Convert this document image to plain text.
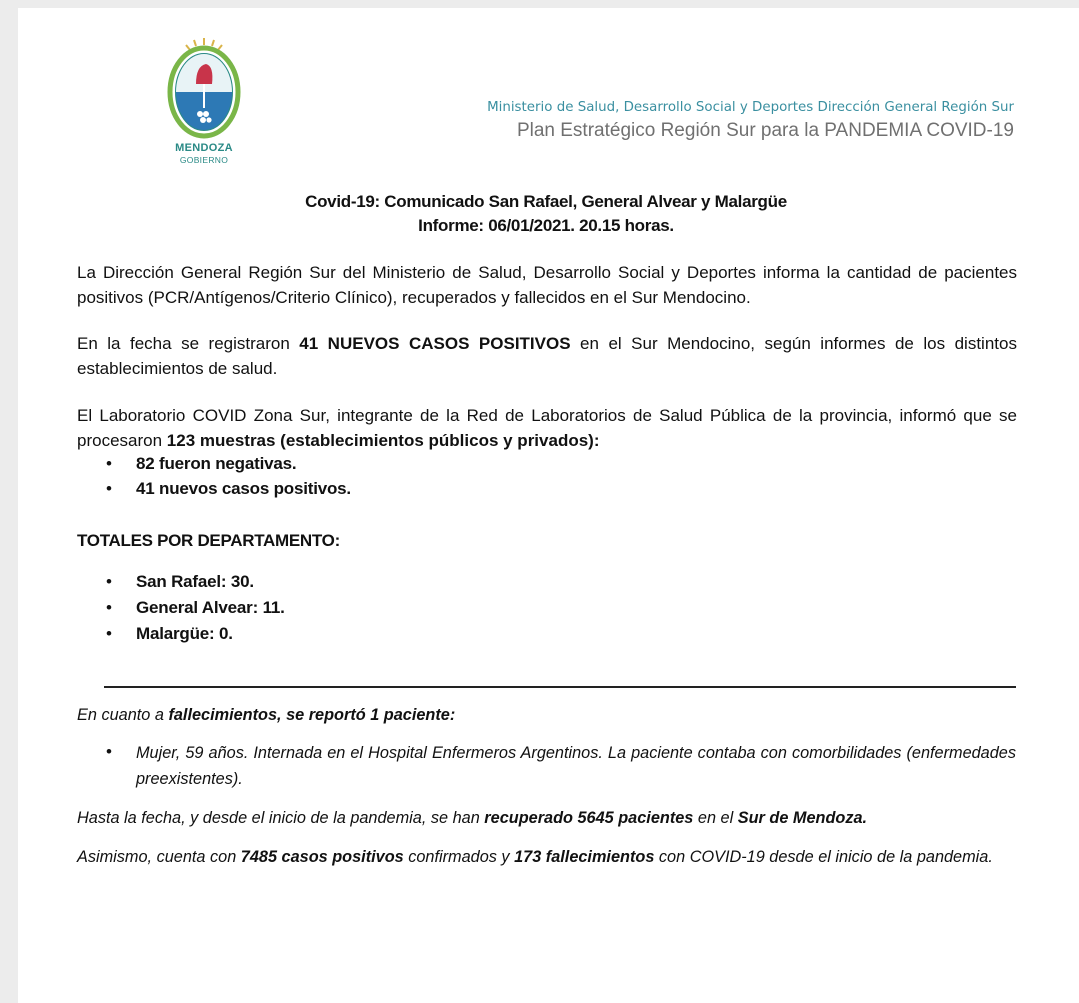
MENDOZA
GOBIERNO
Ministerio de Salud, Desarrollo Social y Deportes Dirección General Región Sur
Plan Estratégico Región Sur para la PANDEMIA COVID-19
Covid-19: Comunicado San Rafael, General Alvear y Malargüe
Informe: 06/01/2021. 20.15 horas.
La Dirección General Región Sur del Ministerio de Salud, Desarrollo Social y Deportes informa la cantidad de pacientes positivos (PCR/Antígenos/Criterio Clínico), recuperados y fallecidos en el Sur Mendocino.
En la fecha se registraron 41 NUEVOS CASOS POSITIVOS en el Sur Mendocino, según informes de los distintos establecimientos de salud.
El Laboratorio COVID Zona Sur, integrante de la Red de Laboratorios de Salud Pública de la provincia, informó que se procesaron 123 muestras (establecimientos públicos y privados):
• 82 fueron negativas.
• 41 nuevos casos positivos.
TOTALES POR DEPARTAMENTO:
• San Rafael: 30.
• General Alvear: 11.
• Malargüe: 0.
En cuanto a fallecimientos, se reportó 1 paciente:
• Mujer, 59 años. Internada en el Hospital Enfermeros Argentinos. La paciente contaba con comorbilidades (enfermedades preexistentes).
Hasta la fecha, y desde el inicio de la pandemia, se han recuperado 5645 pacientes en el Sur de Mendoza.
Asimismo, cuenta con 7485 casos positivos confirmados y 173 fallecimientos con COVID-19 desde el inicio de la pandemia.
